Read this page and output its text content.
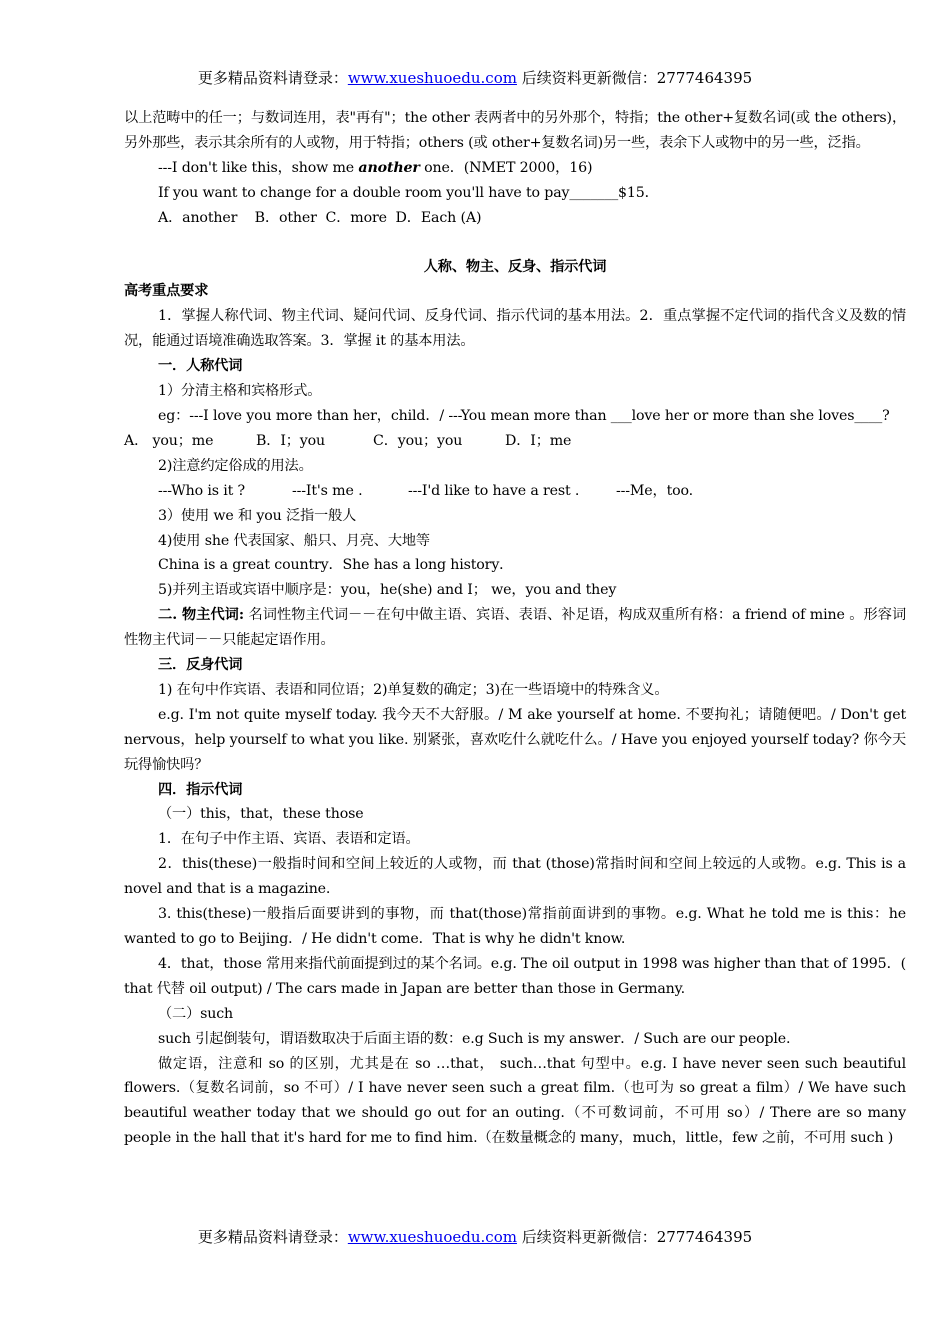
更多精品资料请登录：www.xueshuoedu.com 后续资料更新微信：2777464395

以上范畴中的任一；与数词连用，表"再有"；the other 表两者中的另外那个，特指；the other+复数名词(或 the others)，另外那些，表示其余所有的人或物，用于特指；others (或 other+复数名词)另一些，表余下人或物中的另一些，泛指。

---I don't like this，show me another one．(NMET 2000，16)

If you want to change for a double room you'll have to pay_______$15．

A．another    B．other  C．more  D．Each (A)

人称、物主、反身、指示代词

高考重点要求

1．掌握人称代词、物主代词、疑问代词、反身代词、指示代词的基本用法。2．重点掌握不定代词的指代含义及数的情况，能通过语境准确选取答案。3．掌握 it 的基本用法。

一．人称代词

1）分清主格和宾格形式。

eg：---I love you more than her，child．/ ---You mean more than ___love her or more than she loves____?

A． you；me	B．I；you	C．you；you	D．I；me

2)注意约定俗成的用法。

---Who is it ?	---It's me .	---I'd like to have a rest .	---Me，too.

3）使用 we 和 you 泛指一般人

4)使用 she 代表国家、船只、月亮、大地等

China is a great country．She has a long history．

5)并列主语或宾语中顺序是：you，he(she) and I； we，you and they

二. 物主代词: 名词性物主代词－－在句中做主语、宾语、表语、补足语，构成双重所有格：a friend of mine 。形容词性物主代词－－只能起定语作用。

三．反身代词

1) 在句中作宾语、表语和同位语；2)单复数的确定；3)在一些语境中的特殊含义。

e.g. I'm not quite myself today. 我今天不大舒服。/ M ake yourself at home. 不要拘礼；请随便吧。/ Don't get nervous，help yourself to what you like. 别紧张，喜欢吃什么就吃什么。/ Have you enjoyed yourself today? 你今天玩得愉快吗？

四．指示代词

（一）this，that，these those

1．在句子中作主语、宾语、表语和定语。

2．this(these)一般指时间和空间上较近的人或物，而 that (those)常指时间和空间上较远的人或物。e.g. This is a novel and that is a magazine.

3. this(these)一般指后面要讲到的事物，而 that(those)常指前面讲到的事物。e.g. What he told me is this：he wanted to go to Beijing．/ He didn't come．That is why he didn't know.

4．that，those 常用来指代前面提到过的某个名词。e.g. The oil output in 1998 was higher than that of 1995．( that 代替 oil output) / The cars made in Japan are better than those in Germany.

（二）such

such 引起倒装句，谓语数取决于后面主语的数：e.g Such is my answer．/ Such are our people.

做定语，注意和 so 的区别，尤其是在 so …that， such…that 句型中。e.g. I have never seen such beautiful flowers.（复数名词前，so 不可）/ I have never seen such a great film.（也可为 so great a film）/ We have such beautiful weather today that we should go out for an outing.（不可数词前，不可用 so）/ There are so many people in the hall that it's hard for me to find him.（在数量概念的 many，much，little，few 之前，不可用 such )

更多精品资料请登录：www.xueshuoedu.com 后续资料更新微信：2777464395
